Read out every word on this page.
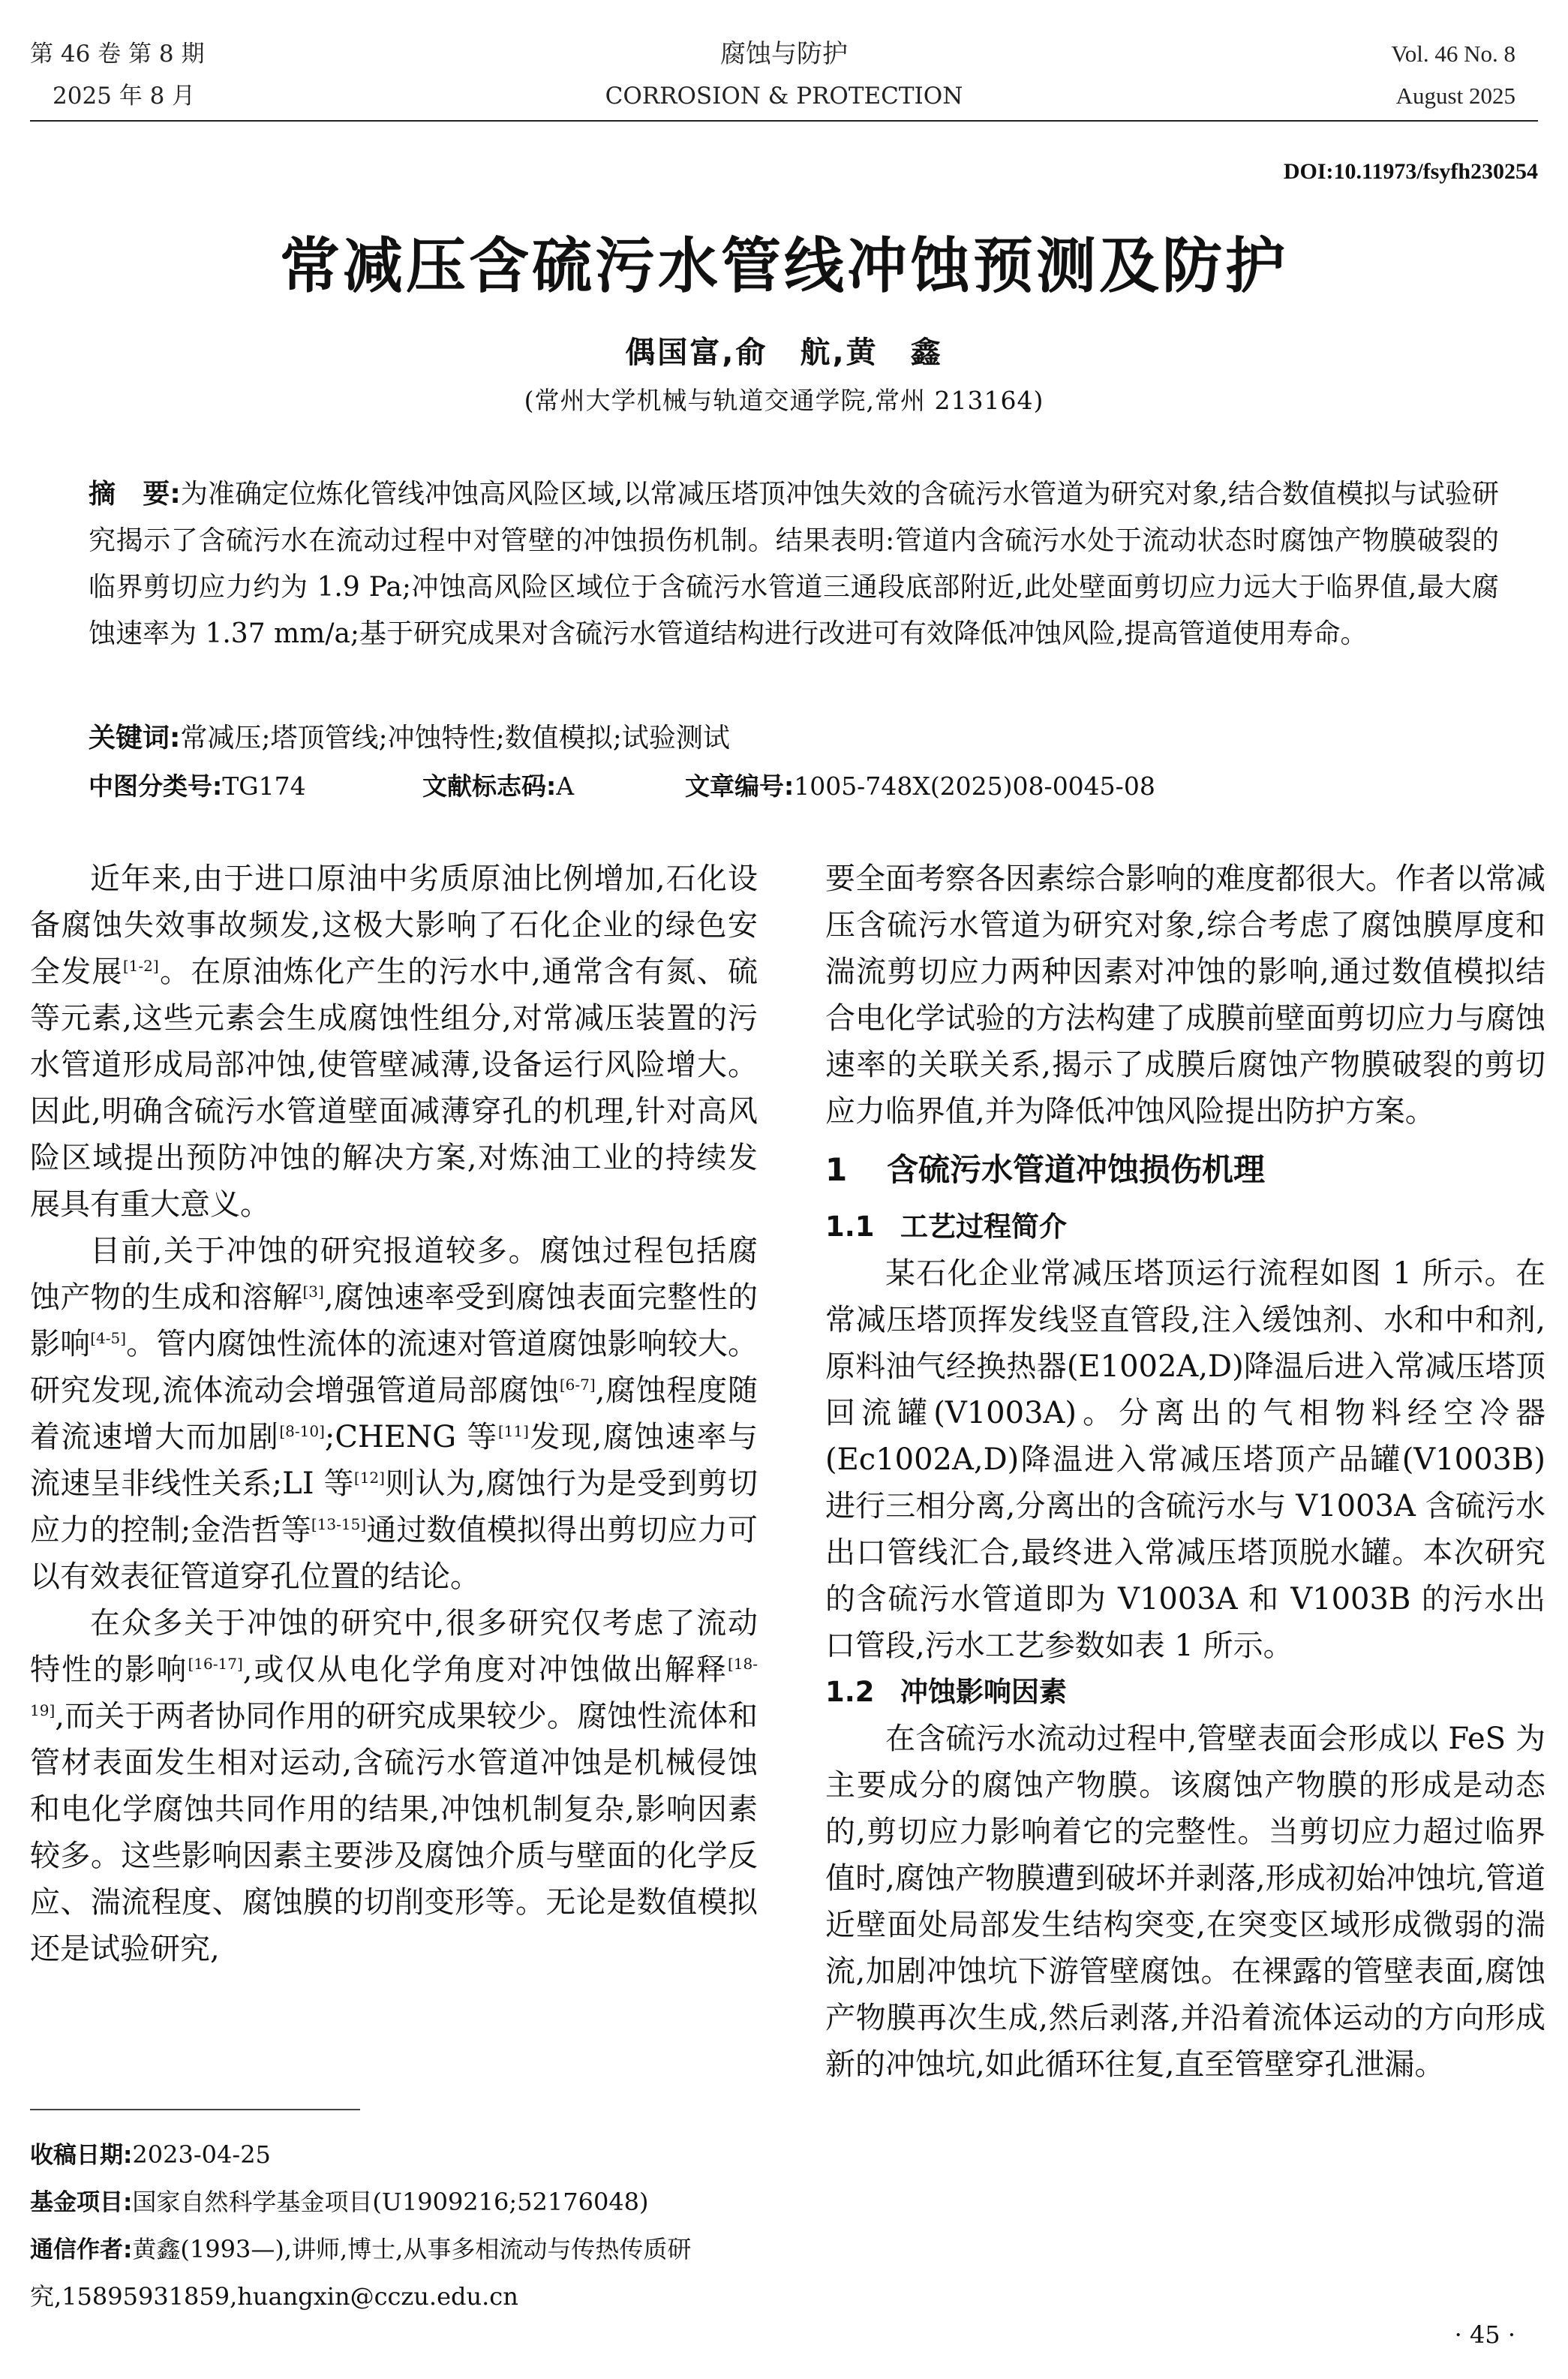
第 46 卷 第 8 期
2025 年 8 月
腐蚀与防护
CORROSION & PROTECTION
Vol. 46 No. 8
August 2025
DOI:10.11973/fsyfh230254
常减压含硫污水管线冲蚀预测及防护
偶国富,俞　航,黄　鑫
(常州大学机械与轨道交通学院,常州 213164)
摘　要:为准确定位炼化管线冲蚀高风险区域,以常减压塔顶冲蚀失效的含硫污水管道为研究对象,结合数值模拟与试验研究揭示了含硫污水在流动过程中对管壁的冲蚀损伤机制。结果表明:管道内含硫污水处于流动状态时腐蚀产物膜破裂的临界剪切应力约为 1.9 Pa;冲蚀高风险区域位于含硫污水管道三通段底部附近,此处壁面剪切应力远大于临界值,最大腐蚀速率为 1.37 mm/a;基于研究成果对含硫污水管道结构进行改进可有效降低冲蚀风险,提高管道使用寿命。
关键词:常减压;塔顶管线;冲蚀特性;数值模拟;试验测试
中图分类号:TG174	文献标志码:A	文章编号:1005-748X(2025)08-0045-08

近年来,由于进口原油中劣质原油比例增加,石化设备腐蚀失效事故频发,这极大影响了石化企业的绿色安全发展[1-2]。在原油炼化产生的污水中,通常含有氮、硫等元素,这些元素会生成腐蚀性组分,对常减压装置的污水管道形成局部冲蚀,使管壁减薄,设备运行风险增大。因此,明确含硫污水管道壁面减薄穿孔的机理,针对高风险区域提出预防冲蚀的解决方案,对炼油工业的持续发展具有重大意义。

目前,关于冲蚀的研究报道较多。腐蚀过程包括腐蚀产物的生成和溶解[3],腐蚀速率受到腐蚀表面完整性的影响[4-5]。管内腐蚀性流体的流速对管道腐蚀影响较大。研究发现,流体流动会增强管道局部腐蚀[6-7],腐蚀程度随着流速增大而加剧[8-10];CHENG 等[11]发现,腐蚀速率与流速呈非线性关系;LI 等[12]则认为,腐蚀行为是受到剪切应力的控制;金浩哲等[13-15]通过数值模拟得出剪切应力可以有效表征管道穿孔位置的结论。

在众多关于冲蚀的研究中,很多研究仅考虑了流动特性的影响[16-17],或仅从电化学角度对冲蚀做出解释[18-19],而关于两者协同作用的研究成果较少。腐蚀性流体和管材表面发生相对运动,含硫污水管道冲蚀是机械侵蚀和电化学腐蚀共同作用的结果,冲蚀机制复杂,影响因素较多。这些影响因素主要涉及腐蚀介质与壁面的化学反应、湍流程度、腐蚀膜的切削变形等。无论是数值模拟还是试验研究,

要全面考察各因素综合影响的难度都很大。作者以常减压含硫污水管道为研究对象,综合考虑了腐蚀膜厚度和湍流剪切应力两种因素对冲蚀的影响,通过数值模拟结合电化学试验的方法构建了成膜前壁面剪切应力与腐蚀速率的关联关系,揭示了成膜后腐蚀产物膜破裂的剪切应力临界值,并为降低冲蚀风险提出防护方案。

1 含硫污水管道冲蚀损伤机理
1.1 工艺过程简介

某石化企业常减压塔顶运行流程如图 1 所示。在常减压塔顶挥发线竖直管段,注入缓蚀剂、水和中和剂,原料油气经换热器(E1002A,D)降温后进入常减压塔顶回流罐(V1003A)。分离出的气相物料经空冷器(Ec1002A,D)降温进入常减压塔顶产品罐(V1003B)进行三相分离,分离出的含硫污水与 V1003A 含硫污水出口管线汇合,最终进入常减压塔顶脱水罐。本次研究的含硫污水管道即为 V1003A 和 V1003B 的污水出口管段,污水工艺参数如表 1 所示。

1.2 冲蚀影响因素

在含硫污水流动过程中,管壁表面会形成以 FeS 为主要成分的腐蚀产物膜。该腐蚀产物膜的形成是动态的,剪切应力影响着它的完整性。当剪切应力超过临界值时,腐蚀产物膜遭到破坏并剥落,形成初始冲蚀坑,管道近壁面处局部发生结构突变,在突变区域形成微弱的湍流,加剧冲蚀坑下游管壁腐蚀。在裸露的管壁表面,腐蚀产物膜再次生成,然后剥落,并沿着流体运动的方向形成新的冲蚀坑,如此循环往复,直至管壁穿孔泄漏。

收稿日期:2023-04-25
基金项目:国家自然科学基金项目(U1909216;52176048)
通信作者:黄鑫(1993—),讲师,博士,从事多相流动与传热传质研究,15895931859,huangxin@cczu.edu.cn
· 45 ·
